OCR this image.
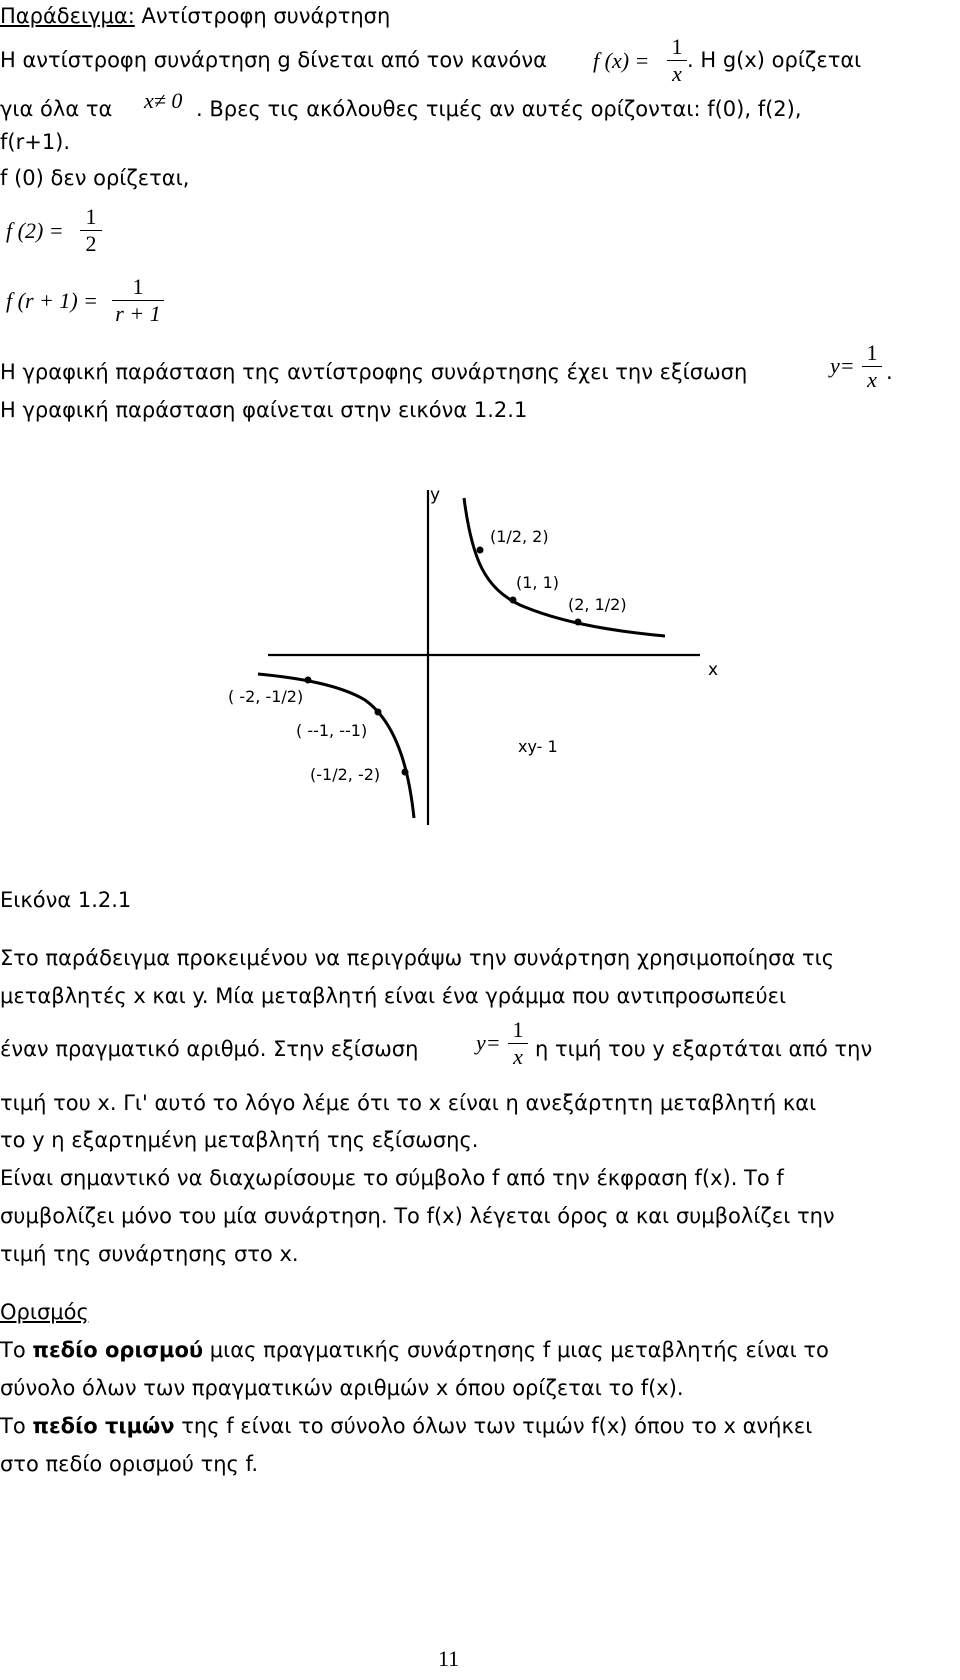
Παράδειγμα: Αντίστροφη συνάρτηση
Η αντίστροφη συνάρτηση g δίνεται από τον κανόνα f (x) =
1
x
. Η g(x) ορίζεται
για όλα τα x≠ 0 . Βρες τις ακόλουθες τιμές αν αυτές ορίζονται: f(0), f(2),
f(r+1).
f (0) δεν ορίζεται,
f (2) =
1
2
f (r + 1) =
1
r + 1
Η γραφική παράσταση της αντίστροφης συνάρτησης έχει την εξίσωση	y=
1
x .
Η γραφική παράσταση φαίνεται στην εικόνα 1.2.1
y
x
(1/2, 2)
(1, 1)
(2, 1/2)
( -2, -1/2)
( --1, --1)
(-1/2, -2)
xy- 1
Εικόνα 1.2.1
Στο παράδειγμα προκειμένου να περιγράψω την συνάρτηση χρησιμοποίησα τις
μεταβλητές x και y. Μία μεταβλητή είναι ένα γράμμα που αντιπροσωπεύει
έναν πραγματικό αριθμό. Στην εξίσωση	y=
1
x η τιμή του y εξαρτάται από την
τιμή του x. Γι' αυτό το λόγο λέμε ότι το x είναι η ανεξάρτητη μεταβλητή και
το y η εξαρτημένη μεταβλητή της εξίσωσης.
Είναι σημαντικό να διαχωρίσουμε το σύμβολο f από την έκφραση f(x). Το f
συμβολίζει μόνο του μία συνάρτηση. Το f(x) λέγεται όρος α και συμβολίζει την
τιμή της συνάρτησης στο x.
Ορισμός
Το πεδίο ορισμού μιας πραγματικής συνάρτησης f μιας μεταβλητής είναι το
σύνολο όλων των πραγματικών αριθμών x όπου ορίζεται το f(x).
Το πεδίο τιμών της f είναι το σύνολο όλων των τιμών f(x) όπου το x ανήκει
στο πεδίο ορισμού της f.
11
